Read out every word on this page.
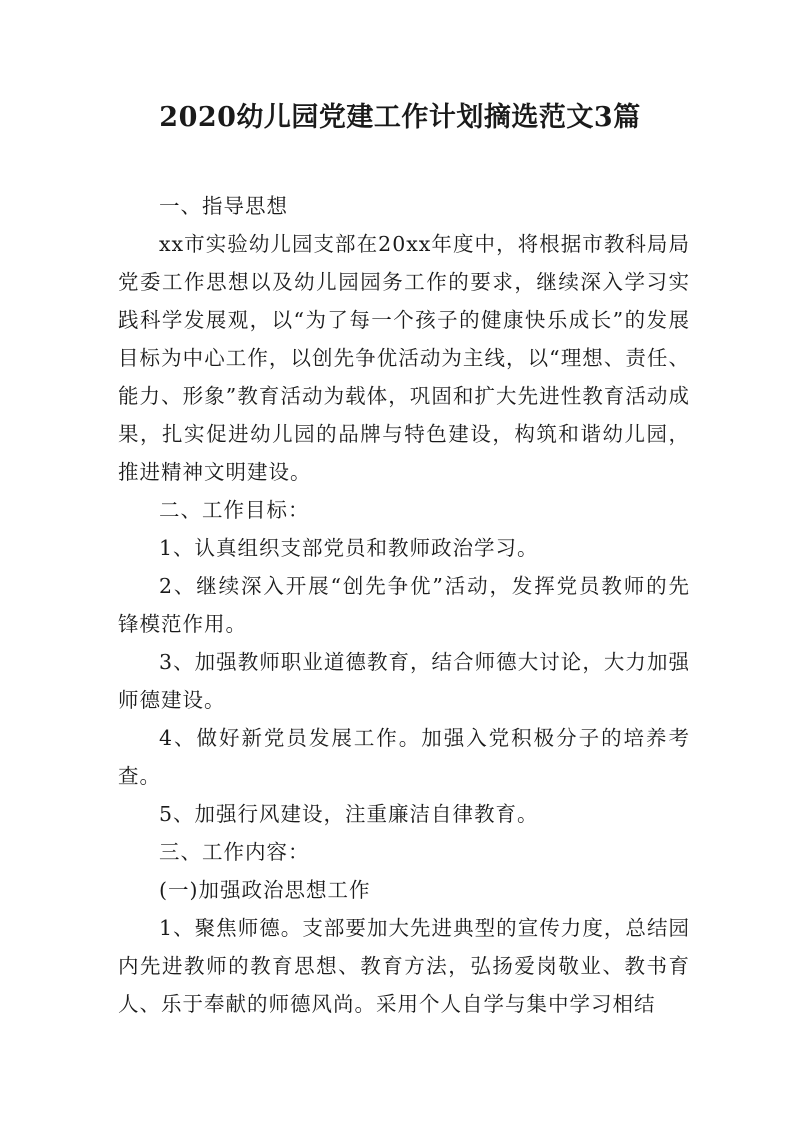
2020幼儿园党建工作计划摘选范文3篇

一、指导思想

xx市实验幼儿园支部在20xx年度中，将根据市教科局局党委工作思想以及幼儿园园务工作的要求，继续深入学习实践科学发展观，以“为了每一个孩子的健康快乐成长”的发展目标为中心工作，以创先争优活动为主线，以“理想、责任、能力、形象”教育活动为载体，巩固和扩大先进性教育活动成果，扎实促进幼儿园的品牌与特色建设，构筑和谐幼儿园，推进精神文明建设。

二、工作目标：

1、认真组织支部党员和教师政治学习。

2、继续深入开展“创先争优”活动，发挥党员教师的先锋模范作用。

3、加强教师职业道德教育，结合师德大讨论，大力加强师德建设。

4、做好新党员发展工作。加强入党积极分子的培养考查。

5、加强行风建设，注重廉洁自律教育。

三、工作内容：

(一)加强政治思想工作

1、聚焦师德。支部要加大先进典型的宣传力度，总结园内先进教师的教育思想、教育方法，弘扬爱岗敬业、教书育人、乐于奉献的师德风尚。采用个人自学与集中学习相结
